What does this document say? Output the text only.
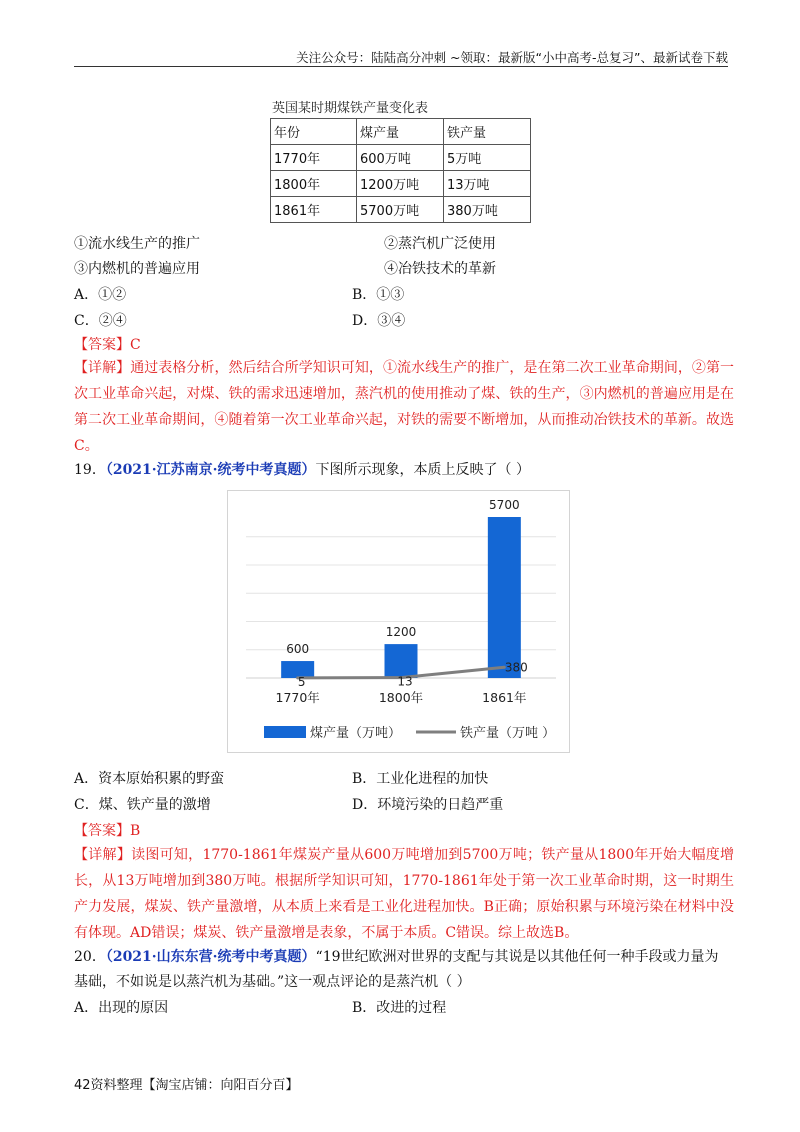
关注公众号：陆陆高分冲刺 ~领取：最新版“小中高考-总复习”、最新试卷下载
英国某时期煤铁产量变化表
年份	煤产量	铁产量
1770年	600万吨	5万吨
1800年	1200万吨	13万吨
1861年	5700万吨	380万吨
①流水线生产的推广	②蒸汽机广泛使用
③内燃机的普遍应用	④冶铁技术的革新
A．①②	B．①③
C．②④	D．③④
【答案】C
【详解】通过表格分析，然后结合所学知识可知，①流水线生产的推广，是在第二次工业革命期间，②第一次工业革命兴起，对煤、铁的需求迅速增加，蒸汽机的使用推动了煤、铁的生产，③内燃机的普遍应用是在第二次工业革命期间，④随着第一次工业革命兴起，对铁的需要不断增加，从而推动冶铁技术的革新。故选C。
19．（2021·江苏南京·统考中考真题）下图所示现象，本质上反映了（ ）
600
1200
5700
5	13
380
1770年	1800年	1861年
煤产量（万吨）	铁产量（万吨 ）
A．资本原始积累的野蛮	B．工业化进程的加快
C．煤、铁产量的激增	D．环境污染的日趋严重
【答案】B
【详解】读图可知，1770-1861年煤炭产量从600万吨增加到5700万吨；铁产量从1800年开始大幅度增长，从13万吨增加到380万吨。根据所学知识可知，1770-1861年处于第一次工业革命时期，这一时期生产力发展，煤炭、铁产量激增，从本质上来看是工业化进程加快。B正确；原始积累与环境污染在材料中没有体现。AD错误；煤炭、铁产量激增是表象，不属于本质。C错误。综上故选B。
20．（2021·山东东营·统考中考真题）“19世纪欧洲对世界的支配与其说是以其他任何一种手段或力量为
基础，不如说是以蒸汽机为基础。”这一观点评论的是蒸汽机（ ）
A．出现的原因	B．改进的过程
42资料整理【淘宝店铺：向阳百分百】
